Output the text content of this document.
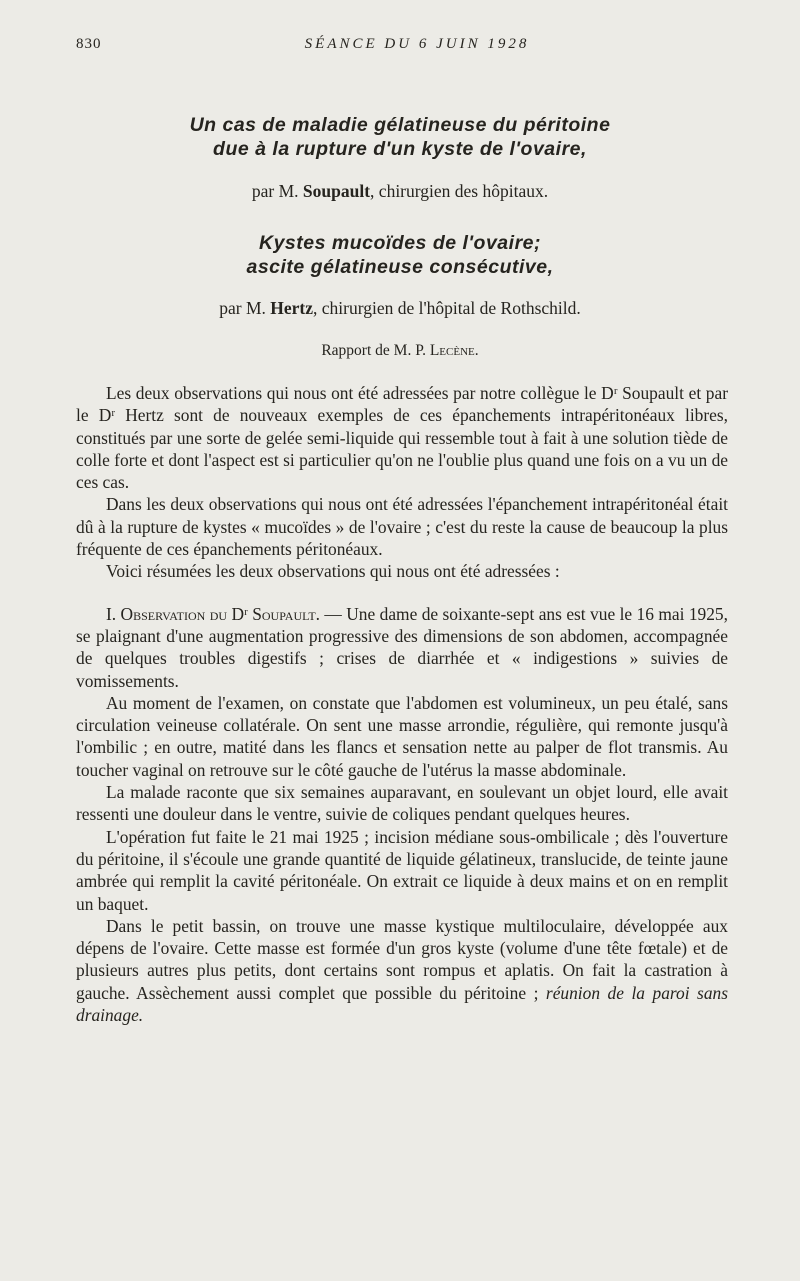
830	SÉANCE DU 6 JUIN 1928
Un cas de maladie gélatineuse du péritoine
due à la rupture d'un kyste de l'ovaire,
par M. Soupault, chirurgien des hôpitaux.
Kystes mucoïdes de l'ovaire;
ascite gélatineuse consécutive,
par M. Hertz, chirurgien de l'hôpital de Rothschild.
Rapport de M. P. Lecène.

Les deux observations qui nous ont été adressées par notre collègue le Dʳ Soupault et par le Dʳ Hertz sont de nouveaux exemples de ces épanchements intrapéritonéaux libres, constitués par une sorte de gelée semi-liquide qui ressemble tout à fait à une solution tiède de colle forte et dont l'aspect est si particulier qu'on ne l'oublie plus quand une fois on a vu un de ces cas.

Dans les deux observations qui nous ont été adressées l'épanchement intrapéritonéal était dû à la rupture de kystes « mucoïdes » de l'ovaire ; c'est du reste la cause de beaucoup la plus fréquente de ces épanchements péritonéaux.

Voici résumées les deux observations qui nous ont été adressées :

I. Observation du Dʳ Soupault. — Une dame de soixante-sept ans est vue le 16 mai 1925, se plaignant d'une augmentation progressive des dimensions de son abdomen, accompagnée de quelques troubles digestifs ; crises de diarrhée et « indigestions » suivies de vomissements.

Au moment de l'examen, on constate que l'abdomen est volumineux, un peu étalé, sans circulation veineuse collatérale. On sent une masse arrondie, régulière, qui remonte jusqu'à l'ombilic ; en outre, matité dans les flancs et sensation nette au palper de flot transmis. Au toucher vaginal on retrouve sur le côté gauche de l'utérus la masse abdominale.

La malade raconte que six semaines auparavant, en soulevant un objet lourd, elle avait ressenti une douleur dans le ventre, suivie de coliques pendant quelques heures.

L'opération fut faite le 21 mai 1925 ; incision médiane sous-ombilicale ; dès l'ouverture du péritoine, il s'écoule une grande quantité de liquide gélatineux, translucide, de teinte jaune ambrée qui remplit la cavité péritonéale. On extrait ce liquide à deux mains et on en remplit un baquet.

Dans le petit bassin, on trouve une masse kystique multiloculaire, développée aux dépens de l'ovaire. Cette masse est formée d'un gros kyste (volume d'une tête fœtale) et de plusieurs autres plus petits, dont certains sont rompus et aplatis. On fait la castration à gauche. Assèchement aussi complet que possible du péritoine ; réunion de la paroi sans drainage.
